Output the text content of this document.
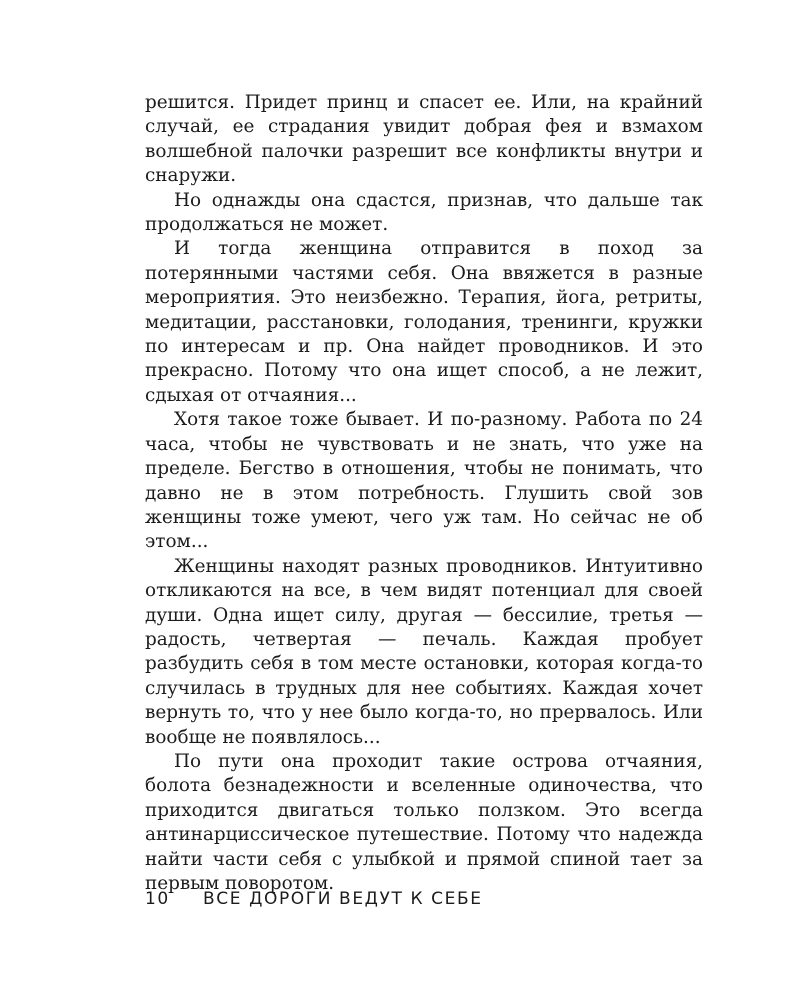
решится. Придет принц и спасет ее. Или, на крайний случай, ее страдания увидит добрая фея и взмахом волшебной палочки разрешит все конфликты внутри и снаружи.

Но однажды она сдастся, признав, что дальше так продолжаться не может.

И тогда женщина отправится в поход за потерянными частями себя. Она ввяжется в разные мероприятия. Это неизбежно. Терапия, йога, ретриты, медитации, расстановки, голодания, тренинги, кружки по интересам и пр. Она найдет проводников. И это прекрасно. Потому что она ищет способ, а не лежит, сдыхая от отчаяния...

Хотя такое тоже бывает. И по-разному. Работа по 24 часа, чтобы не чувствовать и не знать, что уже на пределе. Бегство в отношения, чтобы не понимать, что давно не в этом потребность. Глушить свой зов женщины тоже умеют, чего уж там. Но сейчас не об этом...

Женщины находят разных проводников. Интуитивно откликаются на все, в чем видят потенциал для своей души. Одна ищет силу, другая — бессилие, третья — радость, четвертая — печаль. Каждая пробует разбудить себя в том месте остановки, которая когда-то случилась в трудных для нее событиях. Каждая хочет вернуть то, что у нее было когда-то, но прервалось. Или вообще не появлялось...

По пути она проходит такие острова отчаяния, болота безнадежности и вселенные одиночества, что приходится двигаться только ползком. Это всегда антинарциссическое путешествие. Потому что надежда найти части себя с улыбкой и прямой спиной тает за первым поворотом.

10 ВСЕ ДОРОГИ ВЕДУТ К СЕБЕ
